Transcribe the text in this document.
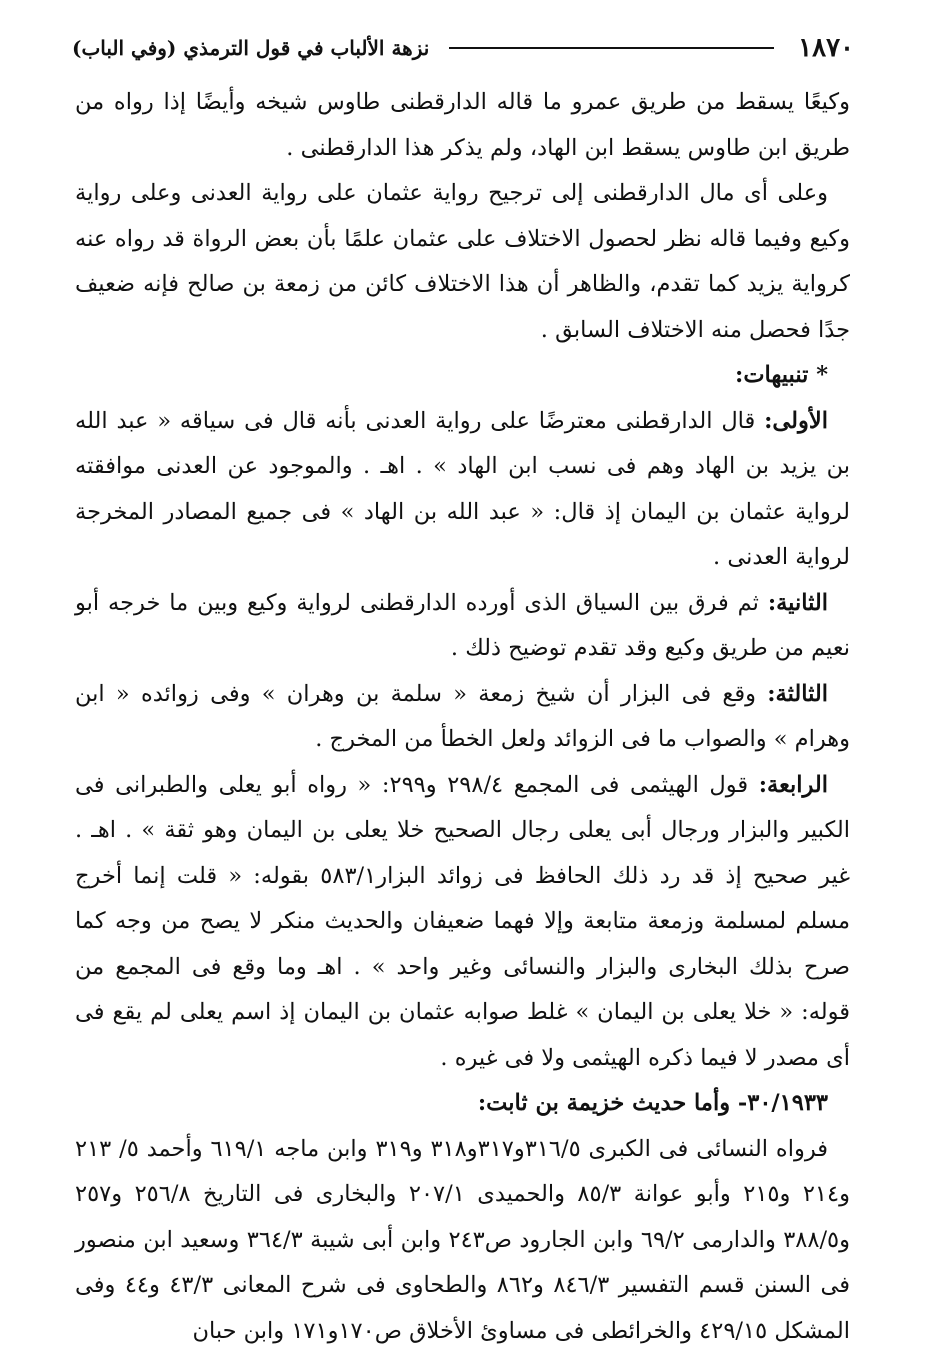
١٨٧٠
نزهة الألباب في قول الترمذي (وفي الباب)

وكيعًا يسقط من طريق عمرو ما قاله الدارقطنى طاوس شيخه وأيضًا إذا رواه من طريق ابن طاوس يسقط ابن الهاد، ولم يذكر هذا الدارقطنى .

وعلى أى مال الدارقطنى إلى ترجيح رواية عثمان على رواية العدنى وعلى رواية وكيع وفيما قاله نظر لحصول الاختلاف على عثمان علمًا بأن بعض الرواة قد رواه عنه كرواية يزيد كما تقدم، والظاهر أن هذا الاختلاف كائن من زمعة بن صالح فإنه ضعيف جدًا فحصل منه الاختلاف السابق .

* تنبيهات:

الأولى: قال الدارقطنى معترضًا على رواية العدنى بأنه قال فى سياقه « عبد الله بن يزيد بن الهاد وهم فى نسب ابن الهاد » . اهـ . والموجود عن العدنى موافقته لرواية عثمان بن اليمان إذ قال: « عبد الله بن الهاد » فى جميع المصادر المخرجة لرواية العدنى .

الثانية: ثم فرق بين السياق الذى أورده الدارقطنى لرواية وكيع وبين ما خرجه أبو نعيم من طريق وكيع وقد تقدم توضيح ذلك .

الثالثة: وقع فى البزار أن شيخ زمعة « سلمة بن وهران » وفى زوائده « ابن وهرام » والصواب ما فى الزوائد ولعل الخطأ من المخرج .

الرابعة: قول الهيثمى فى المجمع ٢٩٨/٤ و٢٩٩: « رواه أبو يعلى والطبرانى فى الكبير والبزار ورجال أبى يعلى رجال الصحيح خلا يعلى بن اليمان وهو ثقة » . اهـ . غير صحيح إذ قد رد ذلك الحافظ فى زوائد البزار٥٨٣/١ بقوله: « قلت إنما أخرج مسلم لمسلمة وزمعة متابعة وإلا فهما ضعيفان والحديث منكر لا يصح من وجه كما صرح بذلك البخارى والبزار والنسائى وغير واحد » . اهـ وما وقع فى المجمع من قوله: « خلا يعلى بن اليمان » غلط صوابه عثمان بن اليمان إذ اسم يعلى لم يقع فى أى مصدر لا فيما ذكره الهيثمى ولا فى غيره .

٣٠/١٩٣٣- وأما حديث خزيمة بن ثابت:

فرواه النسائى فى الكبرى ٣١٦/٥و٣١٧و٣١٨ و٣١٩ وابن ماجه ٦١٩/١ وأحمد ٥/ ٢١٣ و٢١٤ و٢١٥ وأبو عوانة ٨٥/٣ والحميدى ٢٠٧/١ والبخارى فى التاريخ ٢٥٦/٨ و٢٥٧ و٣٨٨/٥ والدارمى ٦٩/٢ وابن الجارود ص٢٤٣ وابن أبى شيبة ٣٦٤/٣ وسعيد ابن منصور فى السنن قسم التفسير ٨٤٦/٣ و٨٦٢ والطحاوى فى شرح المعانى ٤٣/٣ و٤٤ وفى المشكل ٤٢٩/١٥ والخرائطى فى مساوئ الأخلاق ص١٧٠و١٧١ وابن حبان
